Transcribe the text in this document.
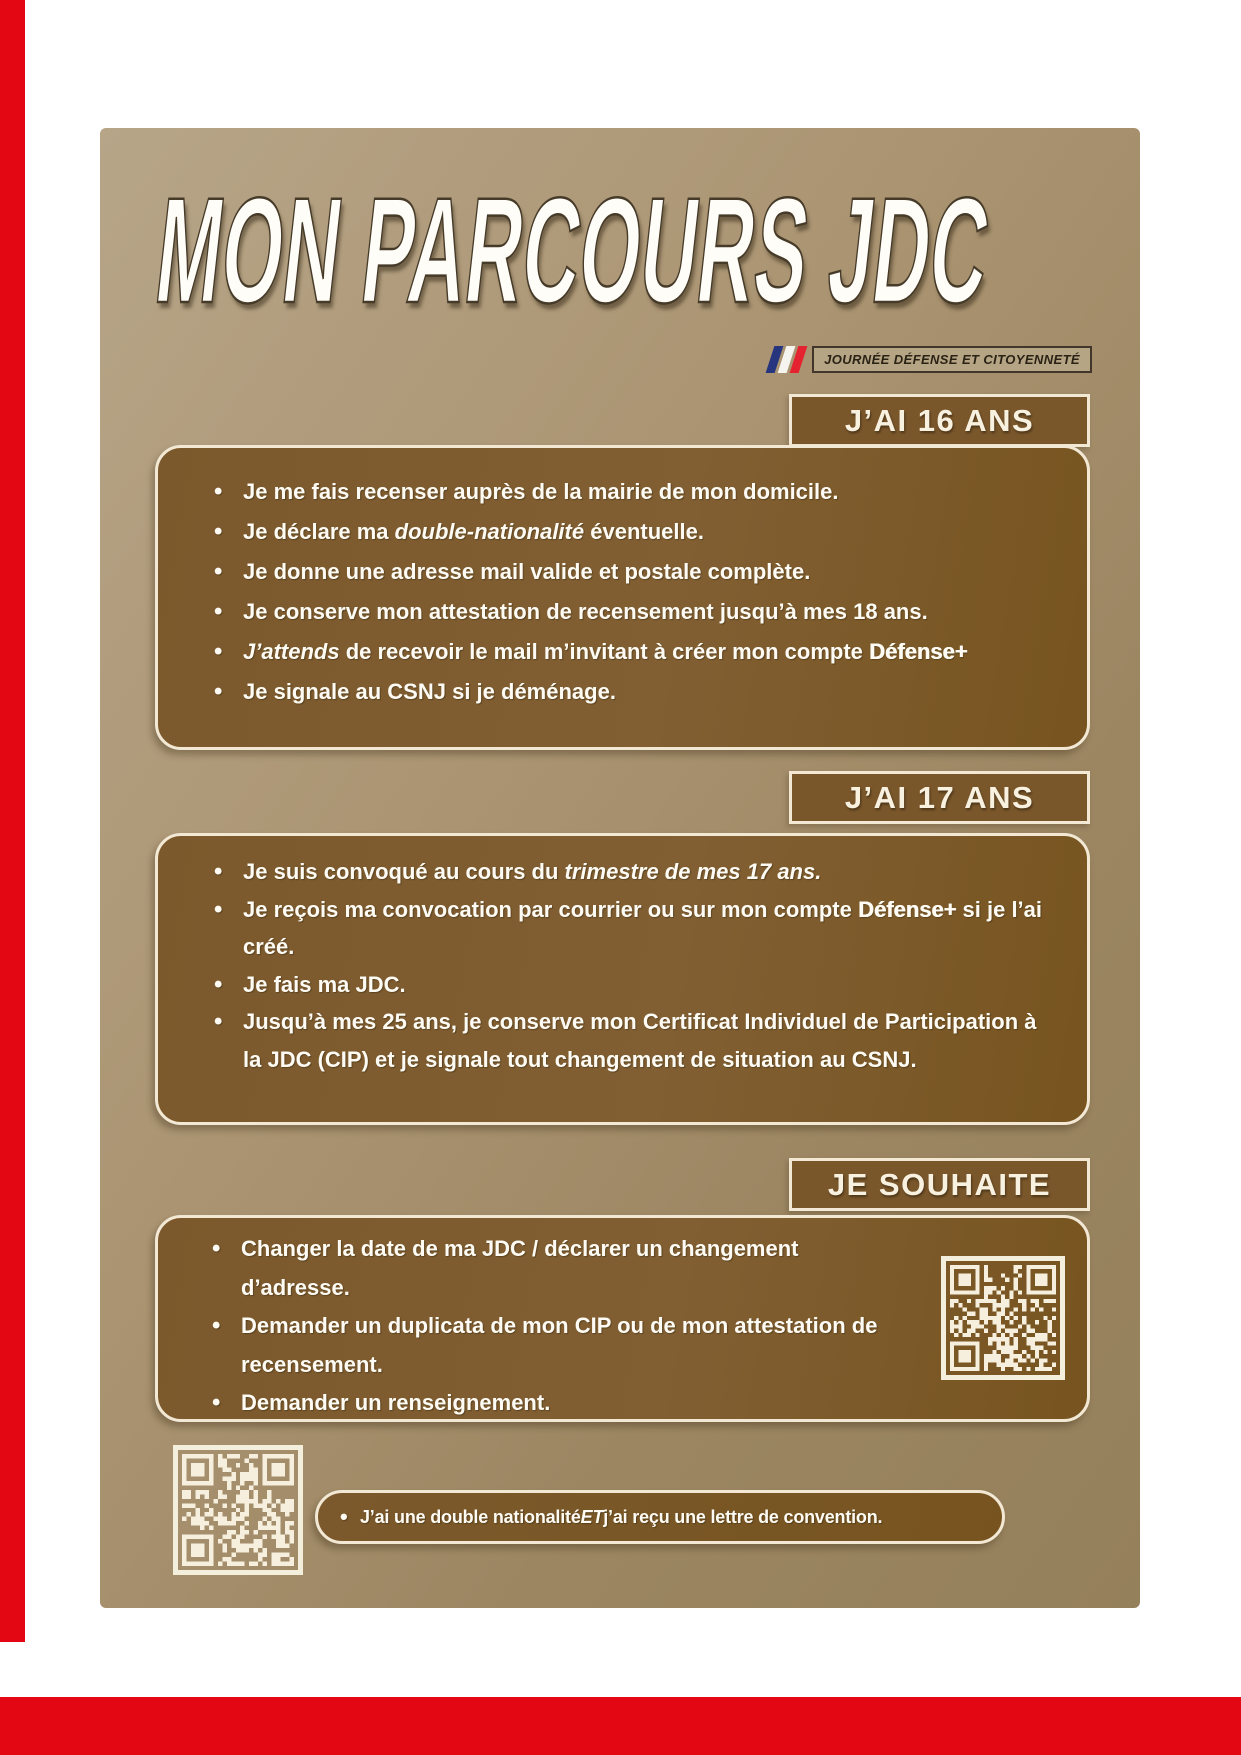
MON PARCOURS JDC
JOURNÉE DÉFENSE ET CITOYENNETÉ
J’AI 16 ANS
• Je me fais recenser auprès de la mairie de mon domicile.
• Je déclare ma double-nationalité éventuelle.
• Je donne une adresse mail valide et postale complète.
• Je conserve mon attestation de recensement jusqu’à mes 18 ans.
• J’attends de recevoir le mail m’invitant à créer mon compte Défense+
• Je signale au CSNJ si je déménage.
J’AI 17 ANS
• Je suis convoqué au cours du trimestre de mes 17 ans.
• Je reçois ma convocation par courrier ou sur mon compte Défense+ si je l’ai créé.
• Je fais ma JDC.
• Jusqu’à mes 25 ans, je conserve mon Certificat Individuel de Participation à la JDC (CIP) et je signale tout changement de situation au CSNJ.
JE SOUHAITE
• Changer la date de ma JDC / déclarer un changement d’adresse.
• Demander un duplicata de mon CIP ou de mon attestation de recensement.
• Demander un renseignement.
• J’ai une double nationalité ET j’ai reçu une lettre de convention.
